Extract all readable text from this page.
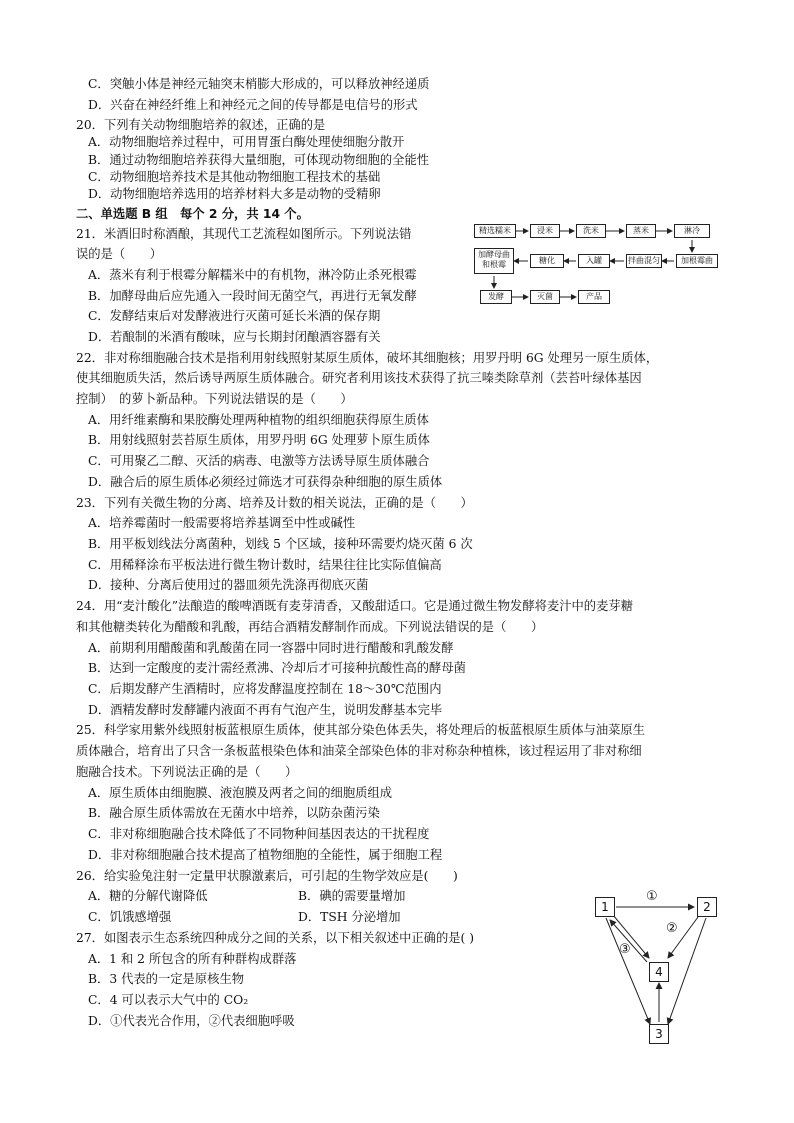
C．突触小体是神经元轴突末梢膨大形成的，可以释放神经递质
D．兴奋在神经纤维上和神经元之间的传导都是电信号的形式
20．下列有关动物细胞培养的叙述，正确的是
A．动物细胞培养过程中，可用胃蛋白酶处理使细胞分散开
B．通过动物细胞培养获得大量细胞，可体现动物细胞的全能性
C．动物细胞培养技术是其他动物细胞工程技术的基础
D．动物细胞培养选用的培养材料大多是动物的受精卵
二、单选题 B 组　每个 2 分，共 14 个。
21．米酒旧时称酒酿，其现代工艺流程如图所示。下列说法错
误的是（　　）
A．蒸米有利于根霉分解糯米中的有机物，淋冷防止杀死根霉
B．加酵母曲后应先通入一段时间无菌空气，再进行无氧发酵
C．发酵结束后对发酵液进行灭菌可延长米酒的保存期
D．若酿制的米酒有酸味，应与长期封闭酿酒容器有关
22．非对称细胞融合技术是指利用射线照射某原生质体，破坏其细胞核；用罗丹明 6G 处理另一原生质体，
使其细胞质失活，然后诱导两原生质体融合。研究者利用该技术获得了抗三嗪类除草剂（芸苔叶绿体基因
控制）　的萝卜新品种。下列说法错误的是（　　）
A．用纤维素酶和果胶酶处理两种植物的组织细胞获得原生质体
B．用射线照射芸苔原生质体，用罗丹明 6G 处理萝卜原生质体
C．可用聚乙二醇、灭活的病毒、电激等方法诱导原生质体融合
D．融合后的原生质体必须经过筛选才可获得杂种细胞的原生质体
23．下列有关微生物的分离、培养及计数的相关说法，正确的是（　　）
A．培养霉菌时一般需要将培养基调至中性或碱性
B．用平板划线法分离菌种，划线 5 个区域，接种环需要灼烧灭菌 6 次
C．用稀释涂布平板法进行微生物计数时，结果往往比实际值偏高
D．接种、分离后使用过的器皿须先洗涤再彻底灭菌
24．用“麦汁酸化”法酿造的酸啤酒既有麦芽清香，又酸甜适口。它是通过微生物发酵将麦汁中的麦芽糖
和其他糖类转化为醋酸和乳酸，再结合酒精发酵制作而成。下列说法错误的是（　　）
A．前期利用醋酸菌和乳酸菌在同一容器中同时进行醋酸和乳酸发酵
B．达到一定酸度的麦汁需经煮沸、冷却后才可接种抗酸性高的酵母菌
C．后期发酵产生酒精时，应将发酵温度控制在 18～30℃范围内
D．酒精发酵时发酵罐内液面不再有气泡产生，说明发酵基本完毕
25．科学家用紫外线照射板蓝根原生质体，使其部分染色体丢失，将处理后的板蓝根原生质体与油菜原生
质体融合，培育出了只含一条板蓝根染色体和油菜全部染色体的非对称杂种植株，该过程运用了非对称细
胞融合技术。下列说法正确的是（　　）
A．原生质体由细胞膜、液泡膜及两者之间的细胞质组成
B．融合原生质体需放在无菌水中培养，以防杂菌污染
C．非对称细胞融合技术降低了不同物种间基因表达的干扰程度
D．非对称细胞融合技术提高了植物细胞的全能性，属于细胞工程
26．给实验兔注射一定量甲状腺激素后，可引起的生物学效应是(　　)
A．糖的分解代谢降低	B．碘的需要量增加
C．饥饿感增强	D．TSH 分泌增加
27．如图表示生态系统四种成分之间的关系，以下相关叙述中正确的是( )
A．1 和 2 所包含的所有种群构成群落
B．3 代表的一定是原核生物
C．4 可以表示大气中的 CO₂
D．①代表光合作用，②代表细胞呼吸
精选糯米	浸米	洗米	蒸米	淋冷
加酵母曲和根霉	糖化	入罐	拌曲混匀	加根霉曲
发酵	灭菌	产品
1	2
4
3
①
②
③
